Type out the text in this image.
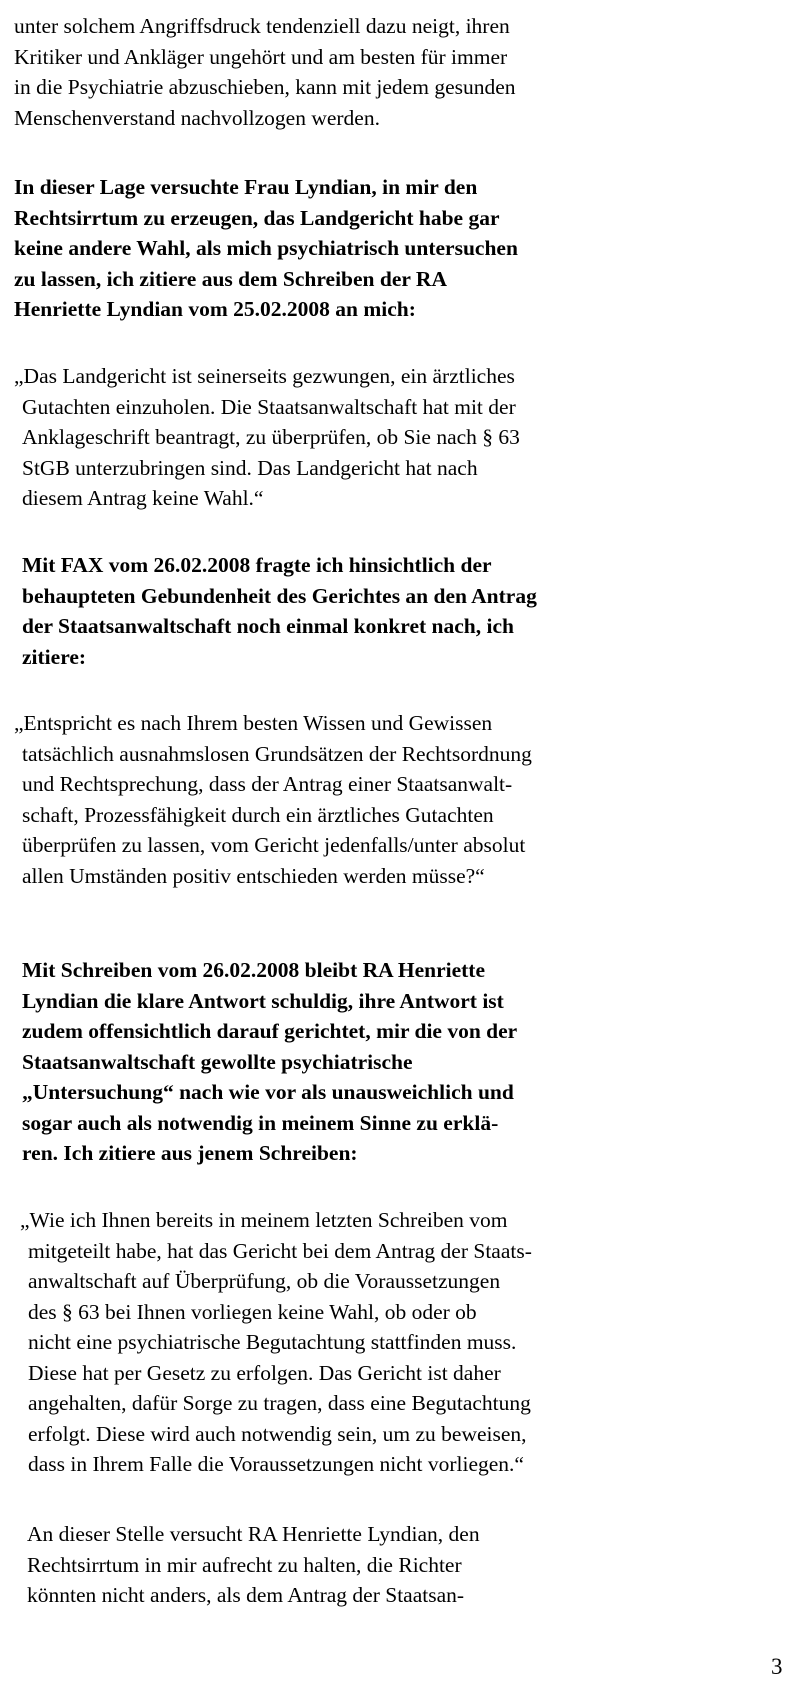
unter solchem Angriffsdruck tendenziell dazu neigt, ihren
Kritiker und Ankläger ungehört und am besten für immer
in die Psychiatrie abzuschieben, kann mit jedem gesunden
Menschenverstand nachvollzogen werden.
In dieser Lage versuchte Frau Lyndian, in mir den
Rechtsirrtum zu erzeugen, das Landgericht habe gar
keine andere Wahl, als mich psychiatrisch untersuchen
zu lassen, ich zitiere aus dem Schreiben der RA
Henriette Lyndian vom 25.02.2008 an mich:
„Das Landgericht ist seinerseits gezwungen, ein ärztliches
Gutachten einzuholen. Die Staatsanwaltschaft hat mit der
Anklageschrift beantragt, zu überprüfen, ob Sie nach § 63
StGB unterzubringen sind. Das Landgericht hat nach
diesem Antrag keine Wahl.“
Mit FAX vom 26.02.2008 fragte ich hinsichtlich der
behaupteten Gebundenheit des Gerichtes an den Antrag
der Staatsanwaltschaft noch einmal konkret nach, ich
zitiere:
„Entspricht es nach Ihrem besten Wissen und Gewissen
tatsächlich ausnahmslosen Grundsätzen der Rechtsordnung
und Rechtsprechung, dass der Antrag einer Staatsanwalt-
schaft, Prozessfähigkeit durch ein ärztliches Gutachten
überprüfen zu lassen, vom Gericht jedenfalls/unter absolut
allen Umständen positiv entschieden werden müsse?“
Mit Schreiben vom 26.02.2008 bleibt RA Henriette
Lyndian die klare Antwort schuldig, ihre Antwort ist
zudem offensichtlich darauf gerichtet, mir die von der
Staatsanwaltschaft gewollte psychiatrische
„Untersuchung“ nach wie vor als unausweichlich und
sogar auch als notwendig in meinem Sinne zu erklä-
ren. Ich zitiere aus jenem Schreiben:
„Wie ich Ihnen bereits in meinem letzten Schreiben vom
mitgeteilt habe, hat das Gericht bei dem Antrag der Staats-
anwaltschaft auf Überprüfung, ob die Voraussetzungen
des § 63 bei Ihnen vorliegen keine Wahl, ob oder ob
nicht eine psychiatrische Begutachtung stattfinden muss.
Diese hat per Gesetz zu erfolgen. Das Gericht ist daher
angehalten, dafür Sorge zu tragen, dass eine Begutachtung
erfolgt. Diese wird auch notwendig sein, um zu beweisen,
dass in Ihrem Falle die Voraussetzungen nicht vorliegen.“
An dieser Stelle versucht RA Henriette Lyndian, den
Rechtsirrtum in mir aufrecht zu halten, die Richter
könnten nicht anders, als dem Antrag der Staatsan-
3
